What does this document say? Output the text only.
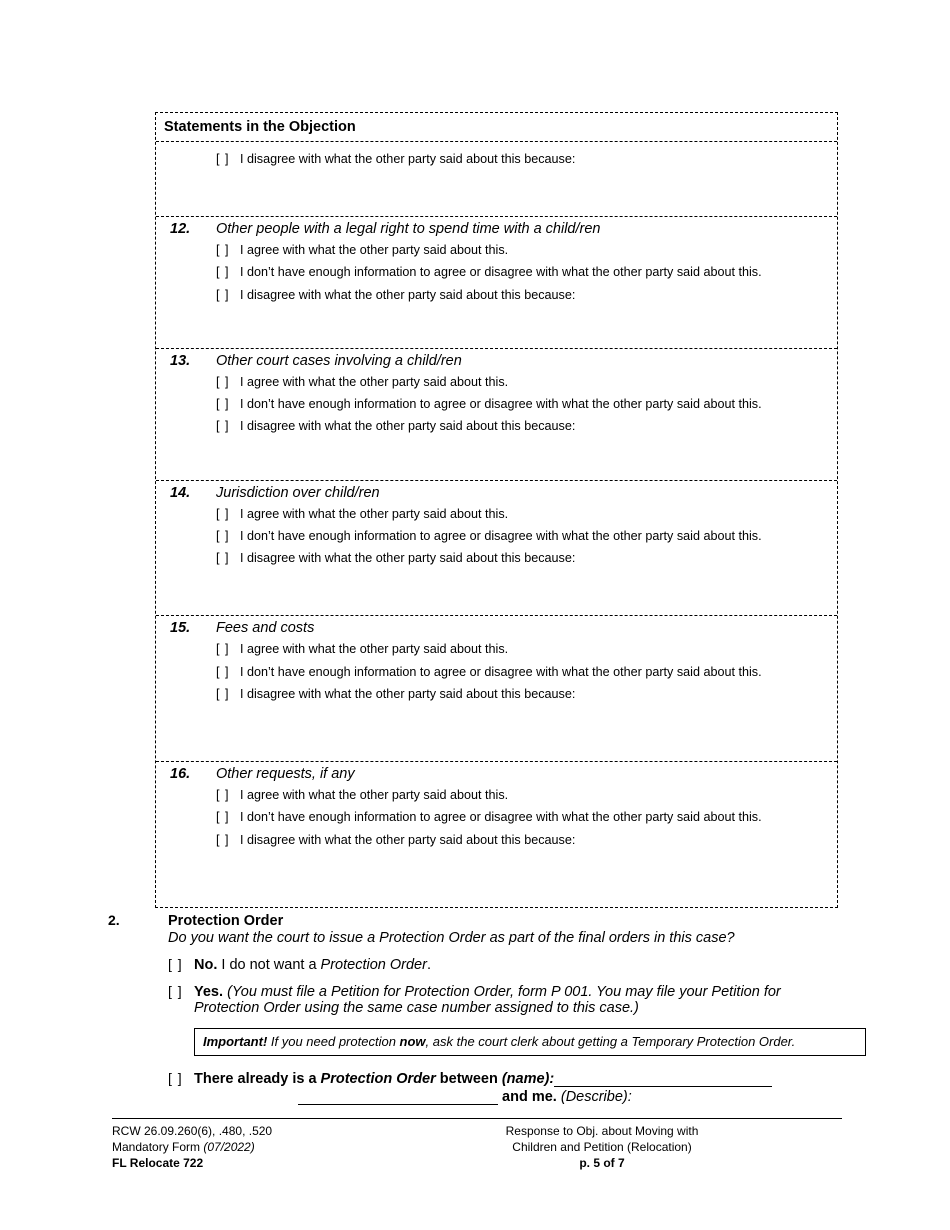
Statements in the Objection
[ ] I disagree with what the other party said about this because:
12.	Other people with a legal right to spend time with a child/ren
[ ] I agree with what the other party said about this.
[ ] I don’t have enough information to agree or disagree with what the other party said about this.
[ ] I disagree with what the other party said about this because:
13.	Other court cases involving a child/ren
[ ] I agree with what the other party said about this.
[ ] I don’t have enough information to agree or disagree with what the other party said about this.
[ ] I disagree with what the other party said about this because:
14.	Jurisdiction over child/ren
[ ] I agree with what the other party said about this.
[ ] I don’t have enough information to agree or disagree with what the other party said about this.
[ ] I disagree with what the other party said about this because:
15.	Fees and costs
[ ] I agree with what the other party said about this.
[ ] I don’t have enough information to agree or disagree with what the other party said about this.
[ ] I disagree with what the other party said about this because:
16.	Other requests, if any
[ ] I agree with what the other party said about this.
[ ] I don’t have enough information to agree or disagree with what the other party said about this.
[ ] I disagree with what the other party said about this because:
2.	Protection Order
Do you want the court to issue a Protection Order as part of the final orders in this case?
[ ] No. I do not want a Protection Order.
[ ] Yes. (You must file a Petition for Protection Order, form P 001. You may file your Petition for Protection Order using the same case number assigned to this case.)
Important! If you need protection now, ask the court clerk about getting a Temporary Protection Order.
[ ] There already is a Protection Order between (name):
and me. (Describe):
RCW 26.09.260(6), .480, .520
Mandatory Form (07/2022)
FL Relocate 722
Response to Obj. about Moving with
Children and Petition (Relocation)
p. 5 of 7
